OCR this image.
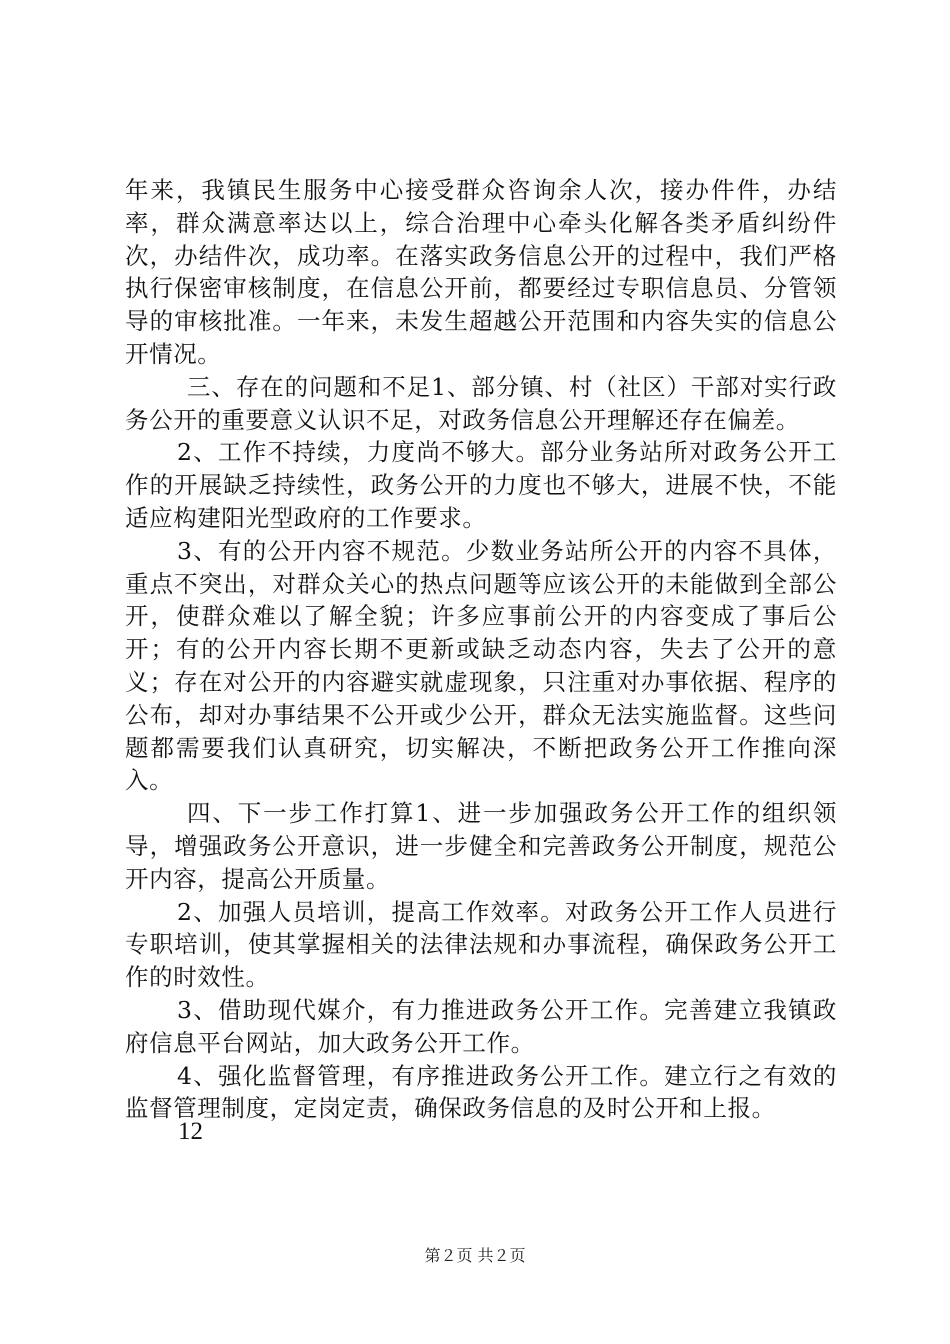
年来，我镇民生服务中心接受群众咨询余人次，接办件件，办结率，群众满意率达以上，综合治理中心牵头化解各类矛盾纠纷件次，办结件次，成功率。在落实政务信息公开的过程中，我们严格执行保密审核制度，在信息公开前，都要经过专职信息员、分管领导的审核批准。一年来，未发生超越公开范围和内容失实的信息公开情况。

三、存在的问题和不足1、部分镇、村（社区）干部对实行政务公开的重要意义认识不足，对政务信息公开理解还存在偏差。

2、工作不持续，力度尚不够大。部分业务站所对政务公开工作的开展缺乏持续性，政务公开的力度也不够大，进展不快，不能适应构建阳光型政府的工作要求。

3、有的公开内容不规范。少数业务站所公开的内容不具体，重点不突出，对群众关心的热点问题等应该公开的未能做到全部公开，使群众难以了解全貌；许多应事前公开的内容变成了事后公开；有的公开内容长期不更新或缺乏动态内容，失去了公开的意义；存在对公开的内容避实就虚现象，只注重对办事依据、程序的公布，却对办事结果不公开或少公开，群众无法实施监督。这些问题都需要我们认真研究，切实解决，不断把政务公开工作推向深入。

四、下一步工作打算1、进一步加强政务公开工作的组织领导，增强政务公开意识，进一步健全和完善政务公开制度，规范公开内容，提高公开质量。

2、加强人员培训，提高工作效率。对政务公开工作人员进行专职培训，使其掌握相关的法律法规和办事流程，确保政务公开工作的时效性。

3、借助现代媒介，有力推进政务公开工作。完善建立我镇政府信息平台网站，加大政务公开工作。

4、强化监督管理，有序推进政务公开工作。建立行之有效的监督管理制度，定岗定责，确保政务信息的及时公开和上报。

12
第２页 共２页
